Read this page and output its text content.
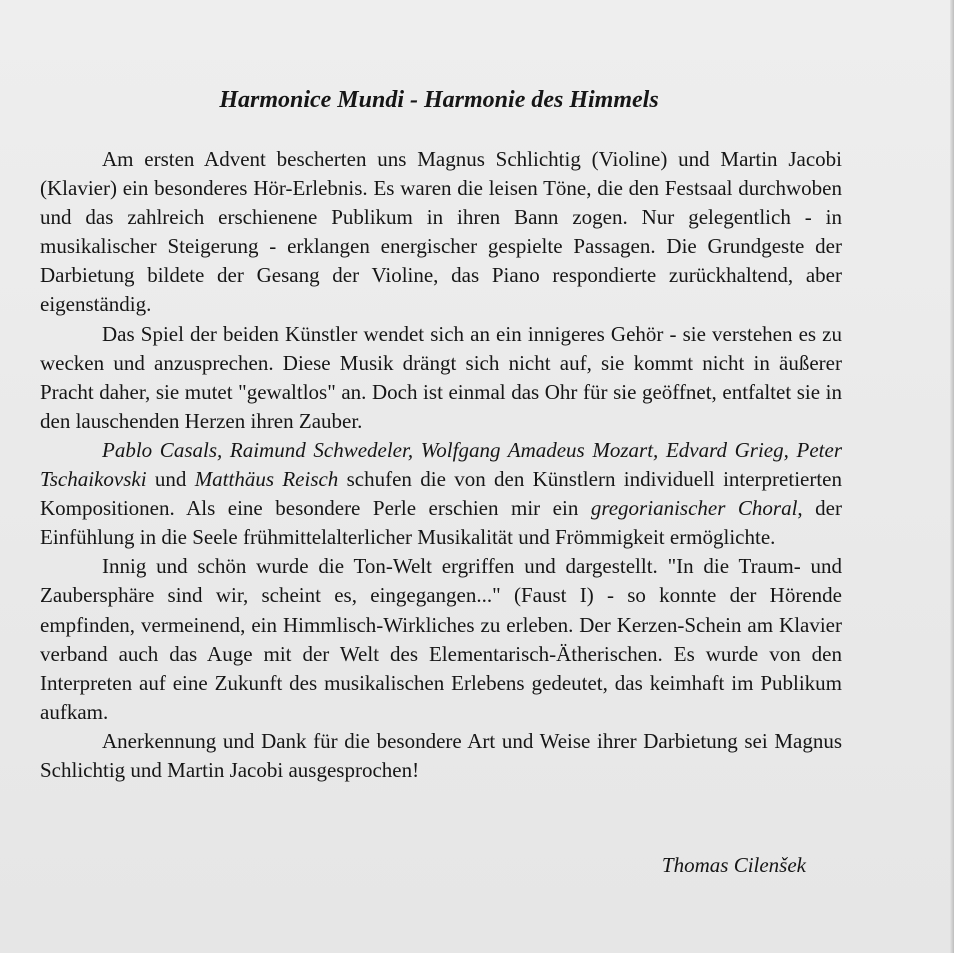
Harmonice Mundi - Harmonie des Himmels

Am ersten Advent bescherten uns Magnus Schlichtig (Violine) und Martin Jacobi (Klavier) ein besonderes Hör-Erlebnis. Es waren die leisen Töne, die den Festsaal durchwoben und das zahlreich erschienene Publikum in ihren Bann zogen. Nur gelegentlich - in musikalischer Steigerung - erklangen energischer gespielte Passagen. Die Grundgeste der Darbietung bildete der Gesang der Violine, das Piano respondierte zurückhaltend, aber eigenständig.

Das Spiel der beiden Künstler wendet sich an ein innigeres Gehör - sie verstehen es zu wecken und anzusprechen. Diese Musik drängt sich nicht auf, sie kommt nicht in äußerer Pracht daher, sie mutet "gewaltlos" an. Doch ist einmal das Ohr für sie geöffnet, entfaltet sie in den lauschenden Herzen ihren Zauber.

Pablo Casals, Raimund Schwedeler, Wolfgang Amadeus Mozart, Edvard Grieg, Peter Tschaikovski und Matthäus Reisch schufen die von den Künstlern individuell interpretierten Kompositionen. Als eine besondere Perle erschien mir ein gregorianischer Choral, der Einfühlung in die Seele frühmittelalterlicher Musikalität und Frömmigkeit ermöglichte.

Innig und schön wurde die Ton-Welt ergriffen und dargestellt. "In die Traum- und Zaubersphäre sind wir, scheint es, eingegangen..." (Faust I) - so konnte der Hörende empfinden, vermeinend, ein Himmlisch-Wirkliches zu erleben. Der Kerzen-Schein am Klavier verband auch das Auge mit der Welt des Elementarisch-Ätherischen. Es wurde von den Interpreten auf eine Zukunft des musikalischen Erlebens gedeutet, das keimhaft im Publikum aufkam.

Anerkennung und Dank für die besondere Art und Weise ihrer Darbietung sei Magnus Schlichtig und Martin Jacobi ausgesprochen!

Thomas Cilenšek
